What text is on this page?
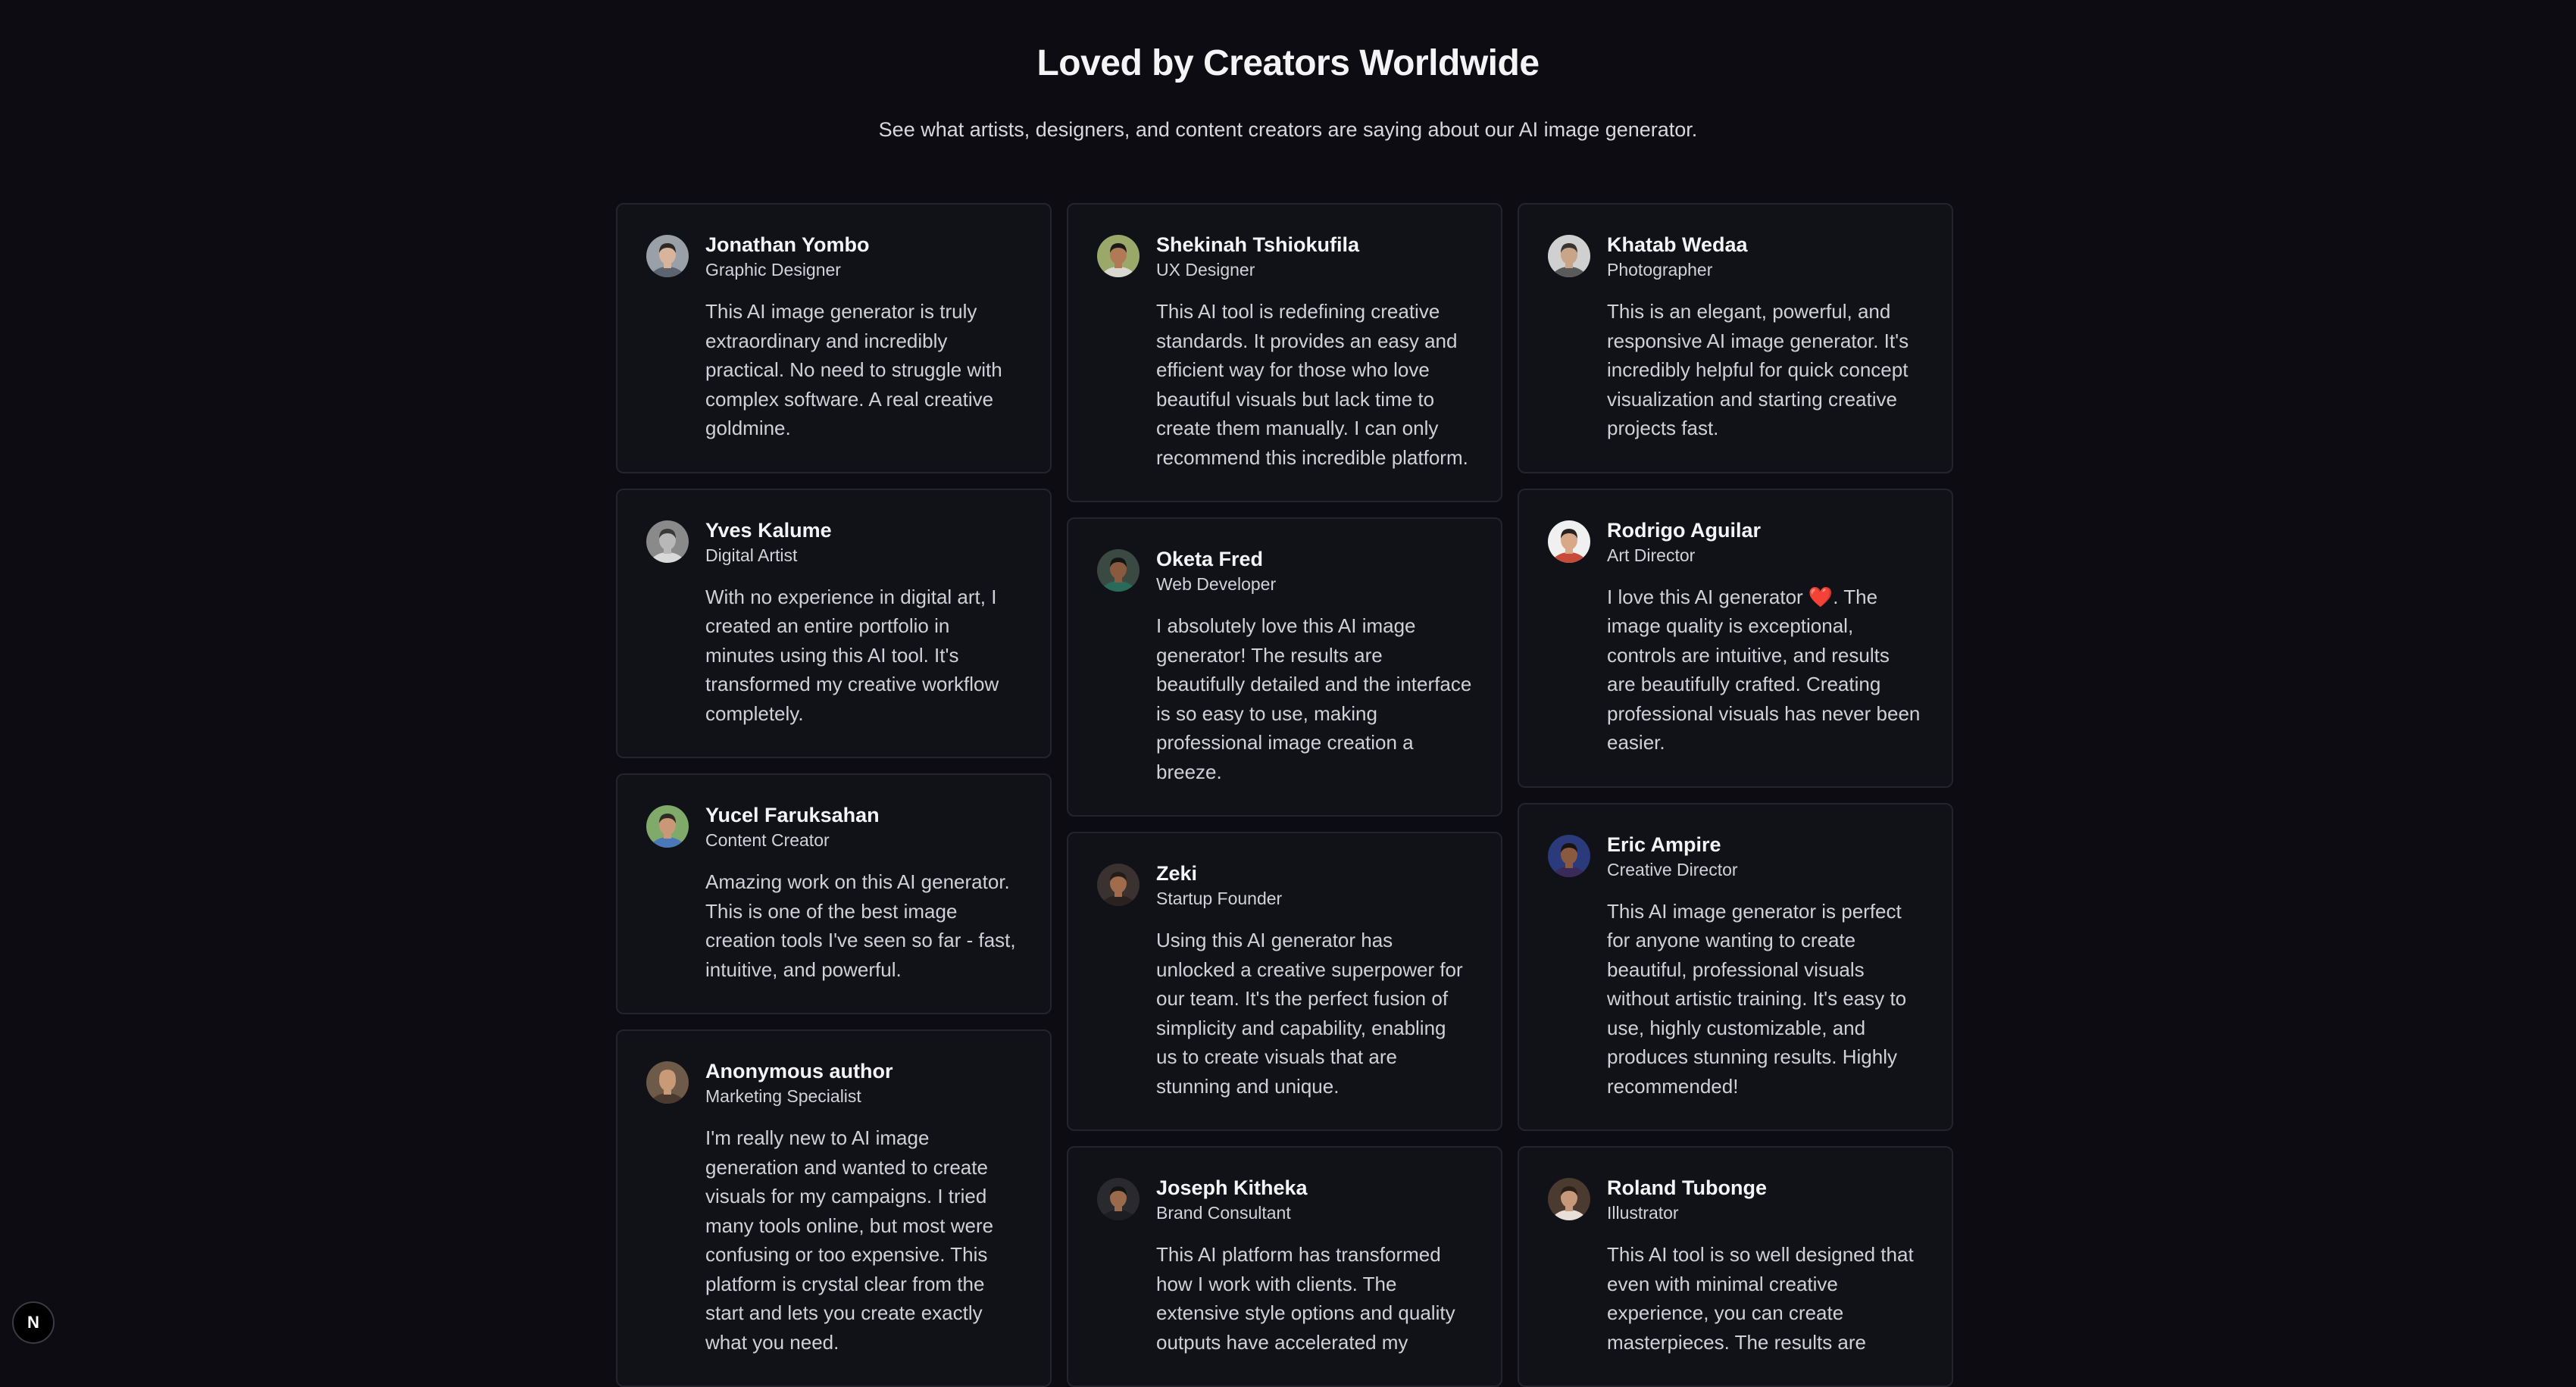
Loved by Creators Worldwide

See what artists, designers, and content creators are saying about our AI image generator.

Jonathan Yombo
Graphic Designer

This AI image generator is truly extraordinary and incredibly practical. No need to struggle with complex software. A real creative goldmine.

Yves Kalume
Digital Artist

With no experience in digital art, I created an entire portfolio in minutes using this AI tool. It's transformed my creative workflow completely.

Yucel Faruksahan
Content Creator

Amazing work on this AI generator. This is one of the best image creation tools I've seen so far - fast, intuitive, and powerful.

Anonymous author
Marketing Specialist

I'm really new to AI image generation and wanted to create visuals for my campaigns. I tried many tools online, but most were confusing or too expensive. This platform is crystal clear from the start and lets you create exactly what you need.

Shekinah Tshiokufila
UX Designer

This AI tool is redefining creative standards. It provides an easy and efficient way for those who love beautiful visuals but lack time to create them manually. I can only recommend this incredible platform.

Oketa Fred
Web Developer

I absolutely love this AI image generator! The results are beautifully detailed and the interface is so easy to use, making professional image creation a breeze.

Zeki
Startup Founder

Using this AI generator has unlocked a creative superpower for our team. It's the perfect fusion of simplicity and capability, enabling us to create visuals that are stunning and unique.

Joseph Kitheka
Brand Consultant

This AI platform has transformed how I work with clients. The extensive style options and quality outputs have accelerated my

Khatab Wedaa
Photographer

This is an elegant, powerful, and responsive AI image generator. It's incredibly helpful for quick concept visualization and starting creative projects fast.

Rodrigo Aguilar
Art Director

I love this AI generator ❤️. The image quality is exceptional, controls are intuitive, and results are beautifully crafted. Creating professional visuals has never been easier.

Eric Ampire
Creative Director

This AI image generator is perfect for anyone wanting to create beautiful, professional visuals without artistic training. It's easy to use, highly customizable, and produces stunning results. Highly recommended!

Roland Tubonge
Illustrator

This AI tool is so well designed that even with minimal creative experience, you can create masterpieces. The results are

N
